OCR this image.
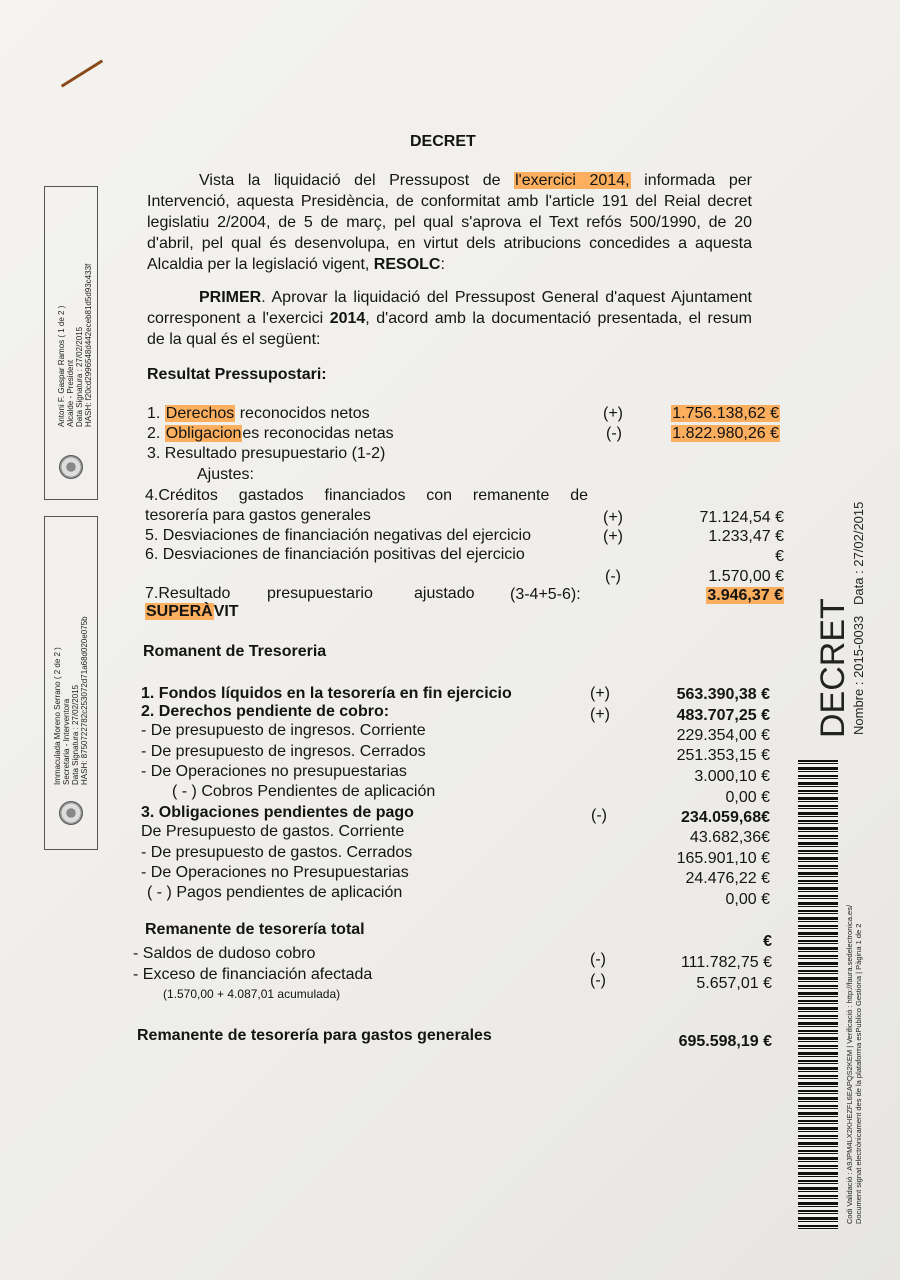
DECRET
Vista la liquidació del Pressupost de l'exercici 2014, informada per Intervenció, aquesta Presidència, de conformitat amb l'article 191 del Reial decret legislatiu 2/2004, de 5 de març, pel qual s'aprova el Text refós 500/1990, de 20 d'abril, pel qual és desenvolupa, en virtut dels atribucions concedides a aquesta Alcaldia per la legislació vigent, RESOLC:
PRIMER. Aprovar la liquidació del Pressupost General d'aquest Ajuntament corresponent a l'exercici 2014, d'acord amb la documentació presentada, el resum de la qual és el següent:
Resultat Pressupostari:
1. Derechos reconocidos netos	(+)	1.756.138,62 €
2. Obligaciones reconocidas netas	(-)	1.822.980,26 €
3. Resultado presupuestario (1-2)
Ajustes:
4.Créditos gastados financiados con remanente de
tesorería para gastos generales	(+)	71.124,54 €
5. Desviaciones de financiación negativas del ejercicio	(+)	1.233,47 €
6. Desviaciones de financiación positivas del ejercicio	€
(-)	1.570,00 €
7.Resultado presupuestario	ajustado (3-4+5-6):	3.946,37 €
SUPERÀVIT
Romanent de Tresoreria
1. Fondos líquidos en la tesorería en fin ejercicio	(+)	563.390,38 €
2. Derechos pendiente de cobro:	(+)	483.707,25 €
- De presupuesto de ingresos. Corriente	229.354,00 €
- De presupuesto de ingresos. Cerrados	251.353,15 €
- De Operaciones no presupuestarias	3.000,10 €
( - ) Cobros Pendientes de aplicación	0,00 €
3. Obligaciones pendientes de pago	(-)	234.059,68€
De Presupuesto de gastos. Corriente	43.682,36€
- De presupuesto de gastos. Cerrados	165.901,10 €
- De Operaciones no Presupuestarias	24.476,22 €
( - ) Pagos pendientes de aplicación	0,00 €
Remanente de tesorería total
€
- Saldos de dudoso cobro	(-)	111.782,75 €
- Exceso de financiación afectada	(-)	5.657,01 €
(1.570,00 + 4.087,01 acumulada)
Remanente de tesorería para gastos generales	695.598,19 €
Antoni F. Gaspar Ramos ( 1 de 2 ) Alcalde - President Data Signatura : 27/02/2015 HASH: f20cd2996548d442eceb81d5d93c433f
Immaculada Moreno Serrano ( 2 de 2 ) Secretaria - Interventora Data Signatura : 27/02/2015 HASH: 8750722782c253072d71a68d020e075b	DECRET Nombre : 2015-0033
Data : 27/02/2015
Codi Validació : A9JPM4LX2KHEZFL6EAPQS2KEM | Verificació : http://faura.sedelectronica.es/ Document signat electrònicament des de la plataforma esPublico Gestiona | Pàgina 1 de 2
